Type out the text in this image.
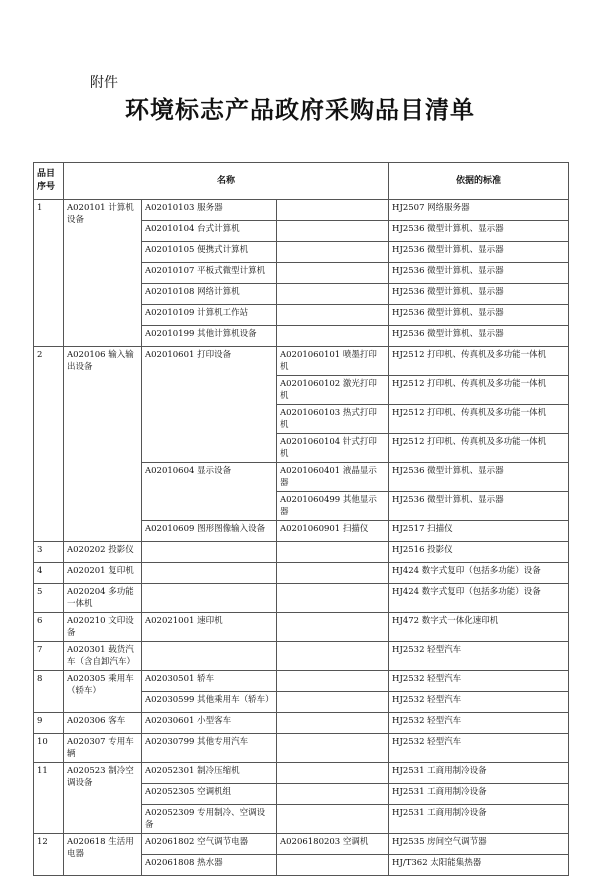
附件
环境标志产品政府采购品目清单
品目序号	名称			依据的标准
1	A020101 计算机设备	A02010103 服务器		HJ2507 网络服务器
		A02010104 台式计算机		HJ2536 微型计算机、显示器
		A02010105 便携式计算机		HJ2536 微型计算机、显示器
		A02010107 平板式微型计算机		HJ2536 微型计算机、显示器
		A02010108 网络计算机		HJ2536 微型计算机、显示器
		A02010109 计算机工作站		HJ2536 微型计算机、显示器
		A02010199 其他计算机设备		HJ2536 微型计算机、显示器
2	A020106 输入输出设备	A02010601 打印设备	A0201060101 喷墨打印机	HJ2512 打印机、传真机及多功能一体机
			A0201060102 激光打印机	HJ2512 打印机、传真机及多功能一体机
			A0201060103 热式打印机	HJ2512 打印机、传真机及多功能一体机
			A0201060104 针式打印机	HJ2512 打印机、传真机及多功能一体机
		A02010604 显示设备	A0201060401 液晶显示器	HJ2536 微型计算机、显示器
			A0201060499 其他显示器	HJ2536 微型计算机、显示器
		A02010609 图形图像输入设备	A0201060901 扫描仪	HJ2517 扫描仪
3	A020202 投影仪			HJ2516 投影仪
4	A020201 复印机			HJ424 数字式复印（包括多功能）设备
5	A020204 多功能一体机			HJ424 数字式复印（包括多功能）设备
6	A020210 文印设备	A02021001 速印机		HJ472 数字式一体化速印机
7	A020301 载货汽车（含自卸汽车）			HJ2532 轻型汽车
8	A020305 乘用车（轿车）	A02030501 轿车		HJ2532 轻型汽车
		A02030599 其他乘用车（轿车）		HJ2532 轻型汽车
9	A020306 客车	A02030601 小型客车		HJ2532 轻型汽车
10	A020307 专用车辆	A02030799 其他专用汽车		HJ2532 轻型汽车
11	A020523 制冷空调设备	A02052301 制冷压缩机		HJ2531 工商用制冷设备
		A02052305 空调机组		HJ2531 工商用制冷设备
		A02052309 专用制冷、空调设备		HJ2531 工商用制冷设备
12	A020618 生活用电器	A02061802 空气调节电器	A0206180203 空调机	HJ2535 房间空气调节器
		A02061808 热水器		HJ/T362 太阳能集热器
